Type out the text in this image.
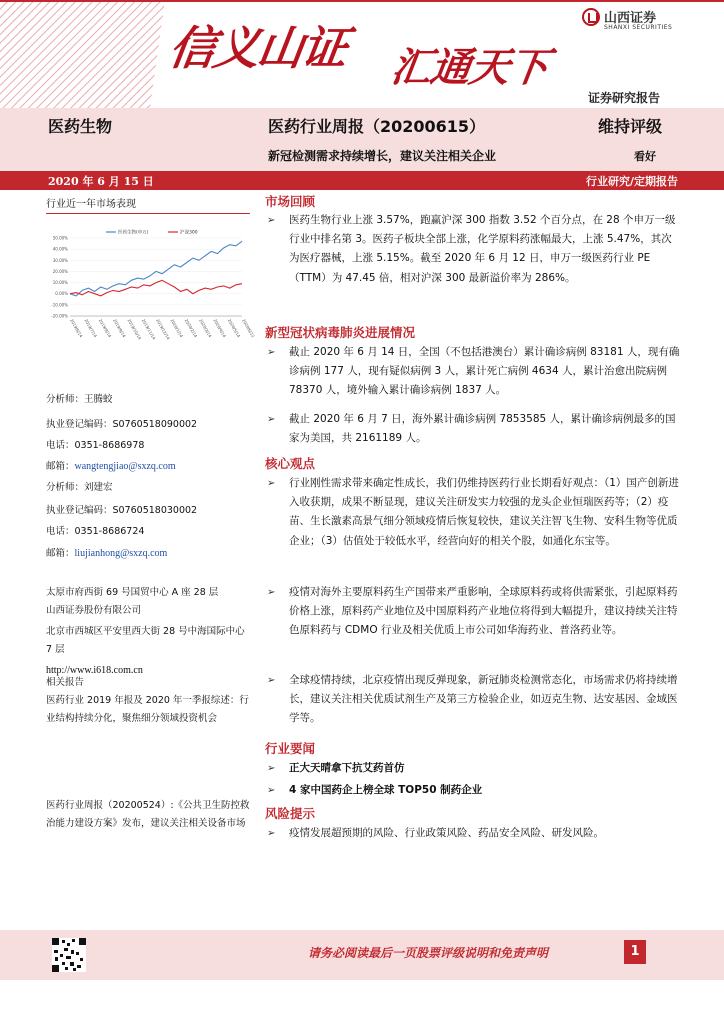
信义山证 汇通天下
山西证券
SHANXI SECURITIES
证券研究报告
医药生物	医药行业周报（20200615）	维持评级
新冠检测需求持续增长，建议关注相关企业	看好
2020 年 6 月 15 日	行业研究/定期报告
行业近一年市场表现
50.00%
40.00%
30.00%
20.00%
10.00%
0.00%
-10.00%
-20.00%
2019/6/14 2019/7/14 2019/8/14 2019/9/14 2019/10/14
2019/11/14
2019/12/14
2020/1/14 2020/2/14 2020/3/14 2020/4/14 2020/5/14 2020/6/12
医药生物(申万)	沪深300
分析师：王腾蛟
执业登记编码：S0760518090002
电话：0351-8686978
邮箱：wangtengjiao@sxzq.com
分析师：刘建宏
执业登记编码：S0760518030002
电话：0351-8686724
邮箱：liujianhong@sxzq.com
太原市府西街 69 号国贸中心 A 座 28 层
山西证券股份有限公司
北京市西城区平安里西大街 28 号中海国际中心 7 层
http://www.i618.com.cn
相关报告
医药行业 2019 年报及 2020 年一季报综述：行业结构持续分化，聚焦细分领域投资机会
医药行业周报（20200524）:《公共卫生防控救治能力建设方案》发布，建议关注相关设备市场
市场回顾
➢ 医药生物行业上涨 3.57%，跑赢沪深 300 指数 3.52 个百分点，在 28 个申万一级行业中排名第 3。医药子板块全部上涨，化学原料药涨幅最大，上涨 5.47%，其次为医疗器械，上涨 5.15%。截至 2020 年 6 月 12 日，申万一级医药行业 PE（TTM）为 47.45 倍，相对沪深 300 最新溢价率为 286%。
新型冠状病毒肺炎进展情况
➢ 截止 2020 年 6 月 14 日，全国（不包括港澳台）累计确诊病例 83181 人，现有确诊病例 177 人，现有疑似病例 3 人，累计死亡病例 4634 人，累计治愈出院病例 78370 人，境外输入累计确诊病例 1837 人。
➢ 截止 2020 年 6 月 7 日，海外累计确诊病例 7853585 人，累计确诊病例最多的国家为美国，共 2161189 人。
核心观点
➢ 行业刚性需求带来确定性成长，我们仍维持医药行业长期看好观点：（1）国产创新进入收获期，成果不断显现，建议关注研发实力较强的龙头企业恒瑞医药等；（2）疫苗、生长激素高景气细分领域疫情后恢复较快，建议关注智飞生物、安科生物等优质企业；（3）估值处于较低水平，经营向好的相关个股，如通化东宝等。
➢ 疫情对海外主要原料药生产国带来严重影响，全球原料药或将供需紧张，引起原料药价格上涨，原料药产业地位及中国原料药产业地位将得到大幅提升，建议持续关注特色原料药与 CDMO 行业及相关优质上市公司如华海药业、普洛药业等。
➢ 全球疫情持续，北京疫情出现反弹现象，新冠肺炎检测常态化，市场需求仍将持续增长，建议关注相关优质试剂生产及第三方检验企业，如迈克生物、达安基因、金域医学等。
行业要闻
➢ 正大天晴拿下抗艾药首仿
➢ 4 家中国药企上榜全球 TOP50 制药企业
风险提示
➢ 疫情发展超预期的风险、行业政策风险、药品安全风险、研发风险。
请务必阅读最后一页股票评级说明和免责声明	1
